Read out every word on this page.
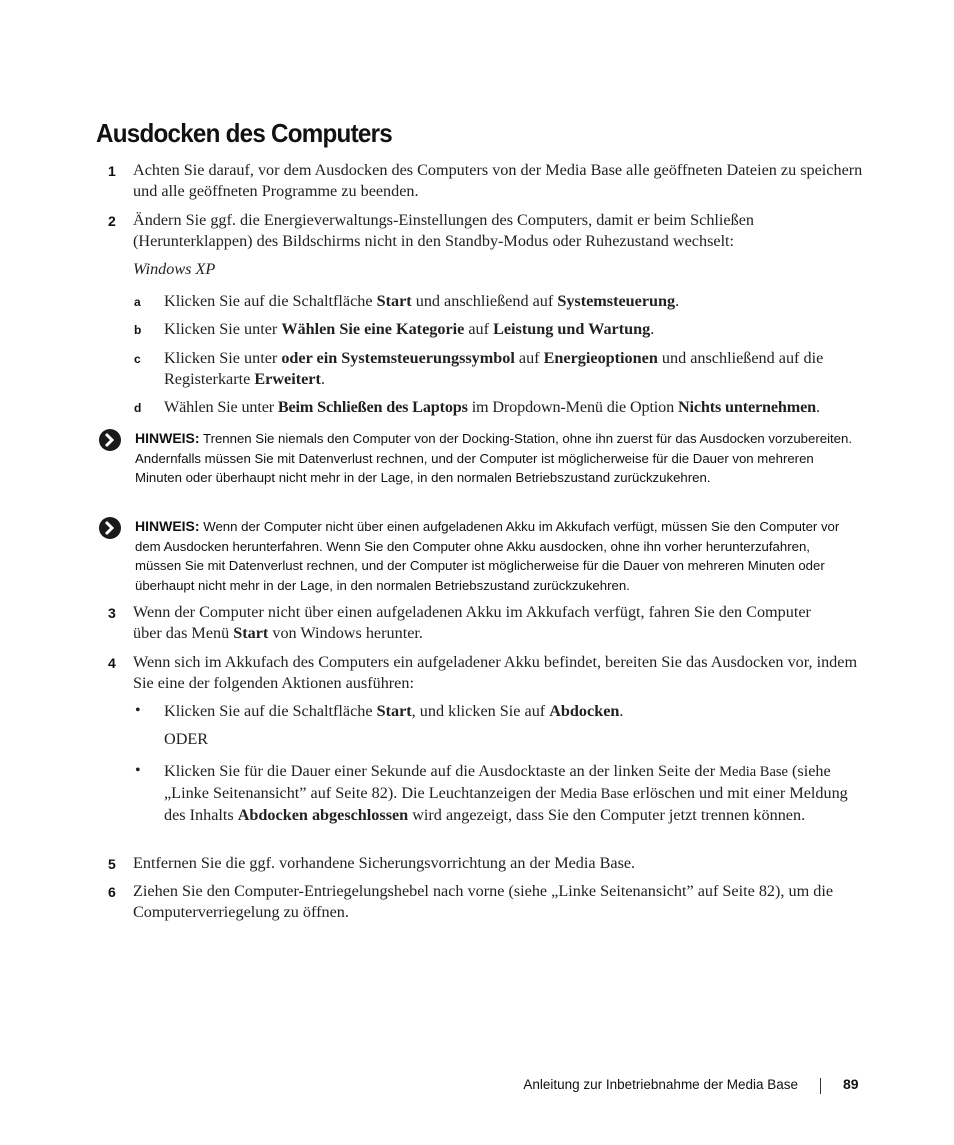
Ausdocken des Computers
1 Achten Sie darauf, vor dem Ausdocken des Computers von der Media Base alle geöffneten Dateien zu speichern und alle geöffneten Programme zu beenden.
2 Ändern Sie ggf. die Energieverwaltungs-Einstellungen des Computers, damit er beim Schließen (Herunterklappen) des Bildschirms nicht in den Standby-Modus oder Ruhezustand wechselt:
Windows XP
a Klicken Sie auf die Schaltfläche Start und anschließend auf Systemsteuerung.
b Klicken Sie unter Wählen Sie eine Kategorie auf Leistung und Wartung.
c Klicken Sie unter oder ein Systemsteuerungssymbol auf Energieoptionen und anschließend auf die Registerkarte Erweitert.
d Wählen Sie unter Beim Schließen des Laptops im Dropdown-Menü die Option Nichts unternehmen.
HINWEIS: Trennen Sie niemals den Computer von der Docking-Station, ohne ihn zuerst für das Ausdocken vorzubereiten. Andernfalls müssen Sie mit Datenverlust rechnen, und der Computer ist möglicherweise für die Dauer von mehreren Minuten oder überhaupt nicht mehr in der Lage, in den normalen Betriebszustand zurückzukehren.
HINWEIS: Wenn der Computer nicht über einen aufgeladenen Akku im Akkufach verfügt, müssen Sie den Computer vor dem Ausdocken herunterfahren. Wenn Sie den Computer ohne Akku ausdocken, ohne ihn vorher herunterzufahren, müssen Sie mit Datenverlust rechnen, und der Computer ist möglicherweise für die Dauer von mehreren Minuten oder überhaupt nicht mehr in der Lage, in den normalen Betriebszustand zurückzukehren.
3 Wenn der Computer nicht über einen aufgeladenen Akku im Akkufach verfügt, fahren Sie den Computer über das Menü Start von Windows herunter.
4 Wenn sich im Akkufach des Computers ein aufgeladener Akku befindet, bereiten Sie das Ausdocken vor, indem Sie eine der folgenden Aktionen ausführen:
• Klicken Sie auf die Schaltfläche Start, und klicken Sie auf Abdocken.
ODER
• Klicken Sie für die Dauer einer Sekunde auf die Ausdocktaste an der linken Seite der Media Base (siehe „Linke Seitenansicht” auf Seite 82). Die Leuchtanzeigen der Media Base erlöschen und mit einer Meldung des Inhalts Abdocken abgeschlossen wird angezeigt, dass Sie den Computer jetzt trennen können.
5 Entfernen Sie die ggf. vorhandene Sicherungsvorrichtung an der Media Base.
6 Ziehen Sie den Computer-Entriegelungshebel nach vorne (siehe „Linke Seitenansicht” auf Seite 82), um die Computerverriegelung zu öffnen.
Anleitung zur Inbetriebnahme der Media Base	89
